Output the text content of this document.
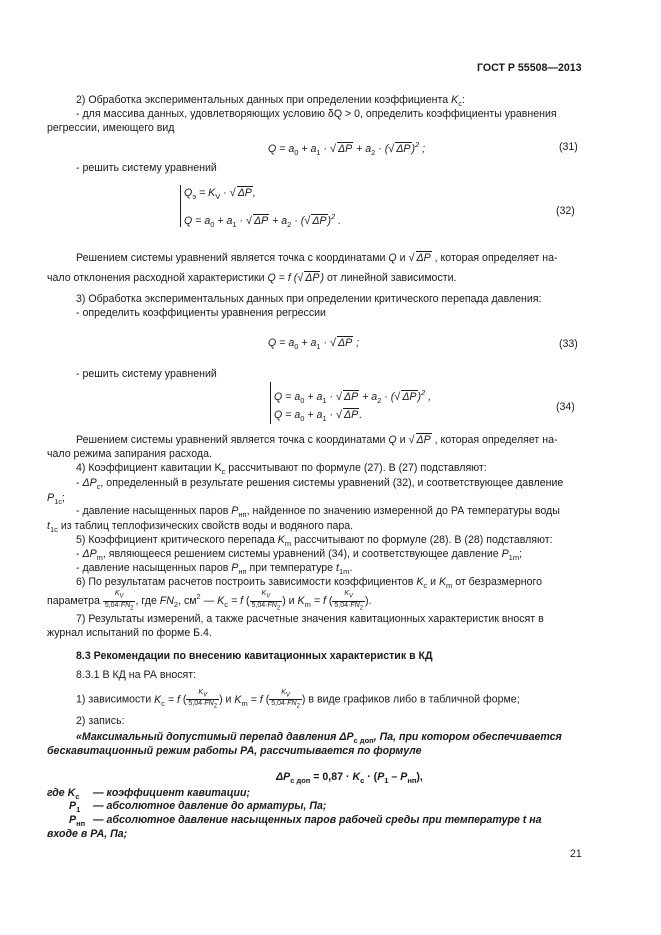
ГОСТ Р 55508—2013
2) Обработка экспериментальных данных при определении коэффициента $K_c$:
- для массива данных, удовлетворяющих условию δQ > 0, определить коэффициенты уравнения
регрессии, имеющего вид
$Q = a_0 + a_1$ · √ $\Delta P + a_2$ · (√ ΔP)$^2$ ;	(31)
- решить систему уравнений
$Q_э = K_V$ · √ ΔP,
$Q = a_0 + a_1$ · √ $\Delta P + a_2$ · (√ ΔP)$^2$ .
(32)
Решением системы уравнений является точка с координатами Q и √ ΔP , которая определяет на-
чало отклонения расходной характеристики Q = f (√ ΔP) от линейной зависимости.
3) Обработка экспериментальных данных при определении критического перепада давления:
- определить коэффициенты уравнения регрессии
$Q = a_0 + a_1$ · √ ΔP ;	(33)
- решить систему уравнений
$Q = a_0 + a_1$ · √ $\Delta P + a_2$ · (√ ΔP)$^2$ ,
$Q = a_0 + a_1$ · √ ΔP.
(34)
Решением системы уравнений является точка с координатами Q и √ ΔP , которая определяет на-
чало режима запирания расхода.
4) Коэффициент кавитации $K_с$ рассчитывают по формуле (27). В (27) подставляют:
- $\Delta P_с$, определенный в результате решения системы уравнений (32), и соответствующее давление
$P_{1с}$;
- давление насыщенных паров $P_{нп}$, найденное по значению измеренной до РА температуры воды
$t_{1с}$ из таблиц теплофизических свойств воды и водяного пара.
5) Коэффициент критического перепада $K_m$ рассчитывают по формуле (28). В (28) подставляют:
- $\Delta P_m$, являющееся решением системы уравнений (34), и соответствующее давление $P_{1m}$;
- давление насыщенных паров $P_{нп}$ при температуре $t_{1m}$.
6) По результатам расчетов построить зависимости коэффициентов $K_c$ и $K_m$ от безразмерного
параметра $\frac{K_V}{5,04\cdot FN_2}$ , где $FN_2$, $см^2$ — $K_c = f$ ( $\frac{K_V}{5,04\cdot FN_2}$ ) и $K_m = f$ ( $\frac{K_V}{5,04\cdot FN_2}$ ).
7) Результаты измерений, а также расчетные значения кавитационных характеристик вносят в
журнал испытаний по форме Б.4.
8.3 Рекомендации по внесению кавитационных характеристик в КД
8.3.1 В КД на РА вносят:
1) зависимости $K_c = f$ ( $\frac{K_V}{5,04\cdot FN_2}$ ) и $K_m = f$ ( $\frac{K_V}{5,04\cdot FN_2}$ ) в виде графиков либо в табличной форме;
2) запись:
«Максимальный допустимый перепад давления $\Delta P_{с доп}$, Па, при котором обеспечивается
бескавитационный режим работы РА, рассчитывается по формуле
$\Delta P_{с доп} = 0,87 \cdot K_с \cdot (P_1 - P_{нп})$,
где $K_с$ — коэффициент кавитации;
$P_1$ — абсолютное давление до арматуры, Па;
$P_{нп}$ — абсолютное давление насыщенных паров рабочей среды при температуре t на
входе в РА, Па;
21
